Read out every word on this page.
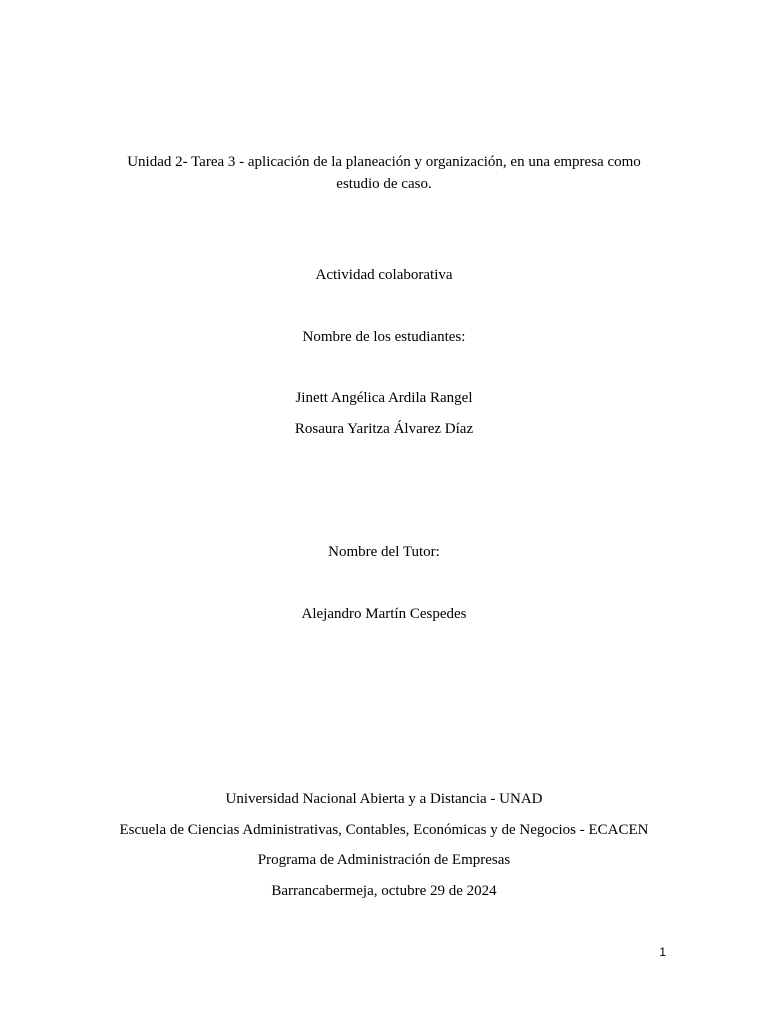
Unidad 2- Tarea 3 - aplicación de la planeación y organización, en una empresa como
estudio de caso.
Actividad colaborativa
Nombre de los estudiantes:
Jinett Angélica Ardila Rangel
Rosaura Yaritza Álvarez Díaz
Nombre del Tutor:
Alejandro Martín Cespedes
Universidad Nacional Abierta y a Distancia - UNAD
Escuela de Ciencias Administrativas, Contables, Económicas y de Negocios - ECACEN
Programa de Administración de Empresas
Barrancabermeja, octubre 29 de 2024
1
